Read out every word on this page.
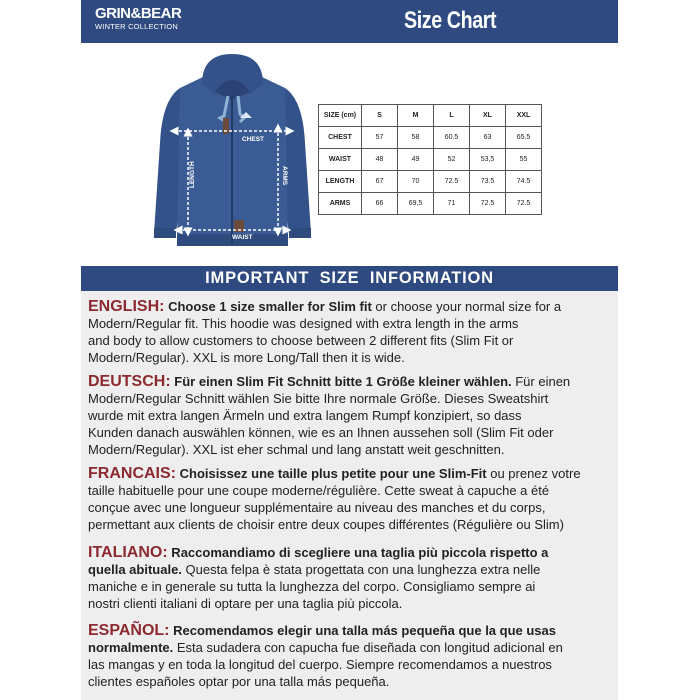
GRIN&BEAR
WINTER COLLECTION	Size Chart
CHEST
WAIST
LENGTH	ARMS
SIZE (cm)	S	M	L	XL	XXL
CHEST	57	58	60.5	63	65.5
WAIST	48	49	52	53,5	55
LENGTH	67	70	72.5	73.5	74.5
ARMS	66	69,5	71	72.5	72.5
IMPORTANT SIZE INFORMATION
ENGLISH: Choose 1 size smaller for Slim fit or choose your normal size for a
Modern/Regular fit. This hoodie was designed with extra length in the arms
and body to allow customers to choose between 2 different fits (Slim Fit or
Modern/Regular). XXL is more Long/Tall then it is wide.
DEUTSCH: Für einen Slim Fit Schnitt bitte 1 Größe kleiner wählen. Für einen
Modern/Regular Schnitt wählen Sie bitte Ihre normale Größe. Dieses Sweatshirt
wurde mit extra langen Ärmeln und extra langem Rumpf konzipiert, so dass
Kunden danach auswählen können, wie es an Ihnen aussehen soll (Slim Fit oder
Modern/Regular). XXL ist eher schmal und lang anstatt weit geschnitten.
FRANCAIS: Choisissez une taille plus petite pour une Slim-Fit ou prenez votre
taille habituelle pour une coupe moderne/régulière. Cette sweat à capuche a été
conçue avec une longueur supplémentaire au niveau des manches et du corps,
permettant aux clients de choisir entre deux coupes différentes (Régulière ou Slim)
ITALIANO: Raccomandiamo di scegliere una taglia più piccola rispetto a
quella abituale. Questa felpa è stata progettata con una lunghezza extra nelle
maniche e in generale su tutta la lunghezza del corpo. Consigliamo sempre ai
nostri clienti italiani di optare per una taglia più piccola.
ESPAÑOL: Recomendamos elegir una talla más pequeña que la que usas
normalmente. Esta sudadera con capucha fue diseñada con longitud adicional en
las mangas y en toda la longitud del cuerpo. Siempre recomendamos a nuestros
clientes españoles optar por una talla más pequeña.
